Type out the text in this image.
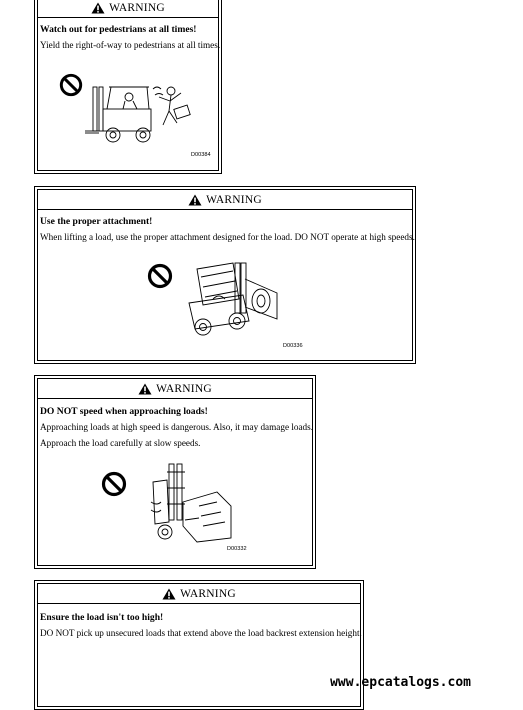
WARNING
Watch out for pedestrians at all times!
Yield the right-of-way to pedestrians at all times.
D00384
WARNING
Use the proper attachment!
When lifting a load, use the proper attachment designed for the load. DO NOT operate at high speeds.
D00336
WARNING
DO NOT speed when approaching loads!
Approaching loads at high speed is dangerous. Also, it may damage loads.
Approach the load carefully at slow speeds.
D00332
WARNING
Ensure the load isn't too high!
DO NOT pick up unsecured loads that extend above the load backrest extension height.
www.epcatalogs.com
